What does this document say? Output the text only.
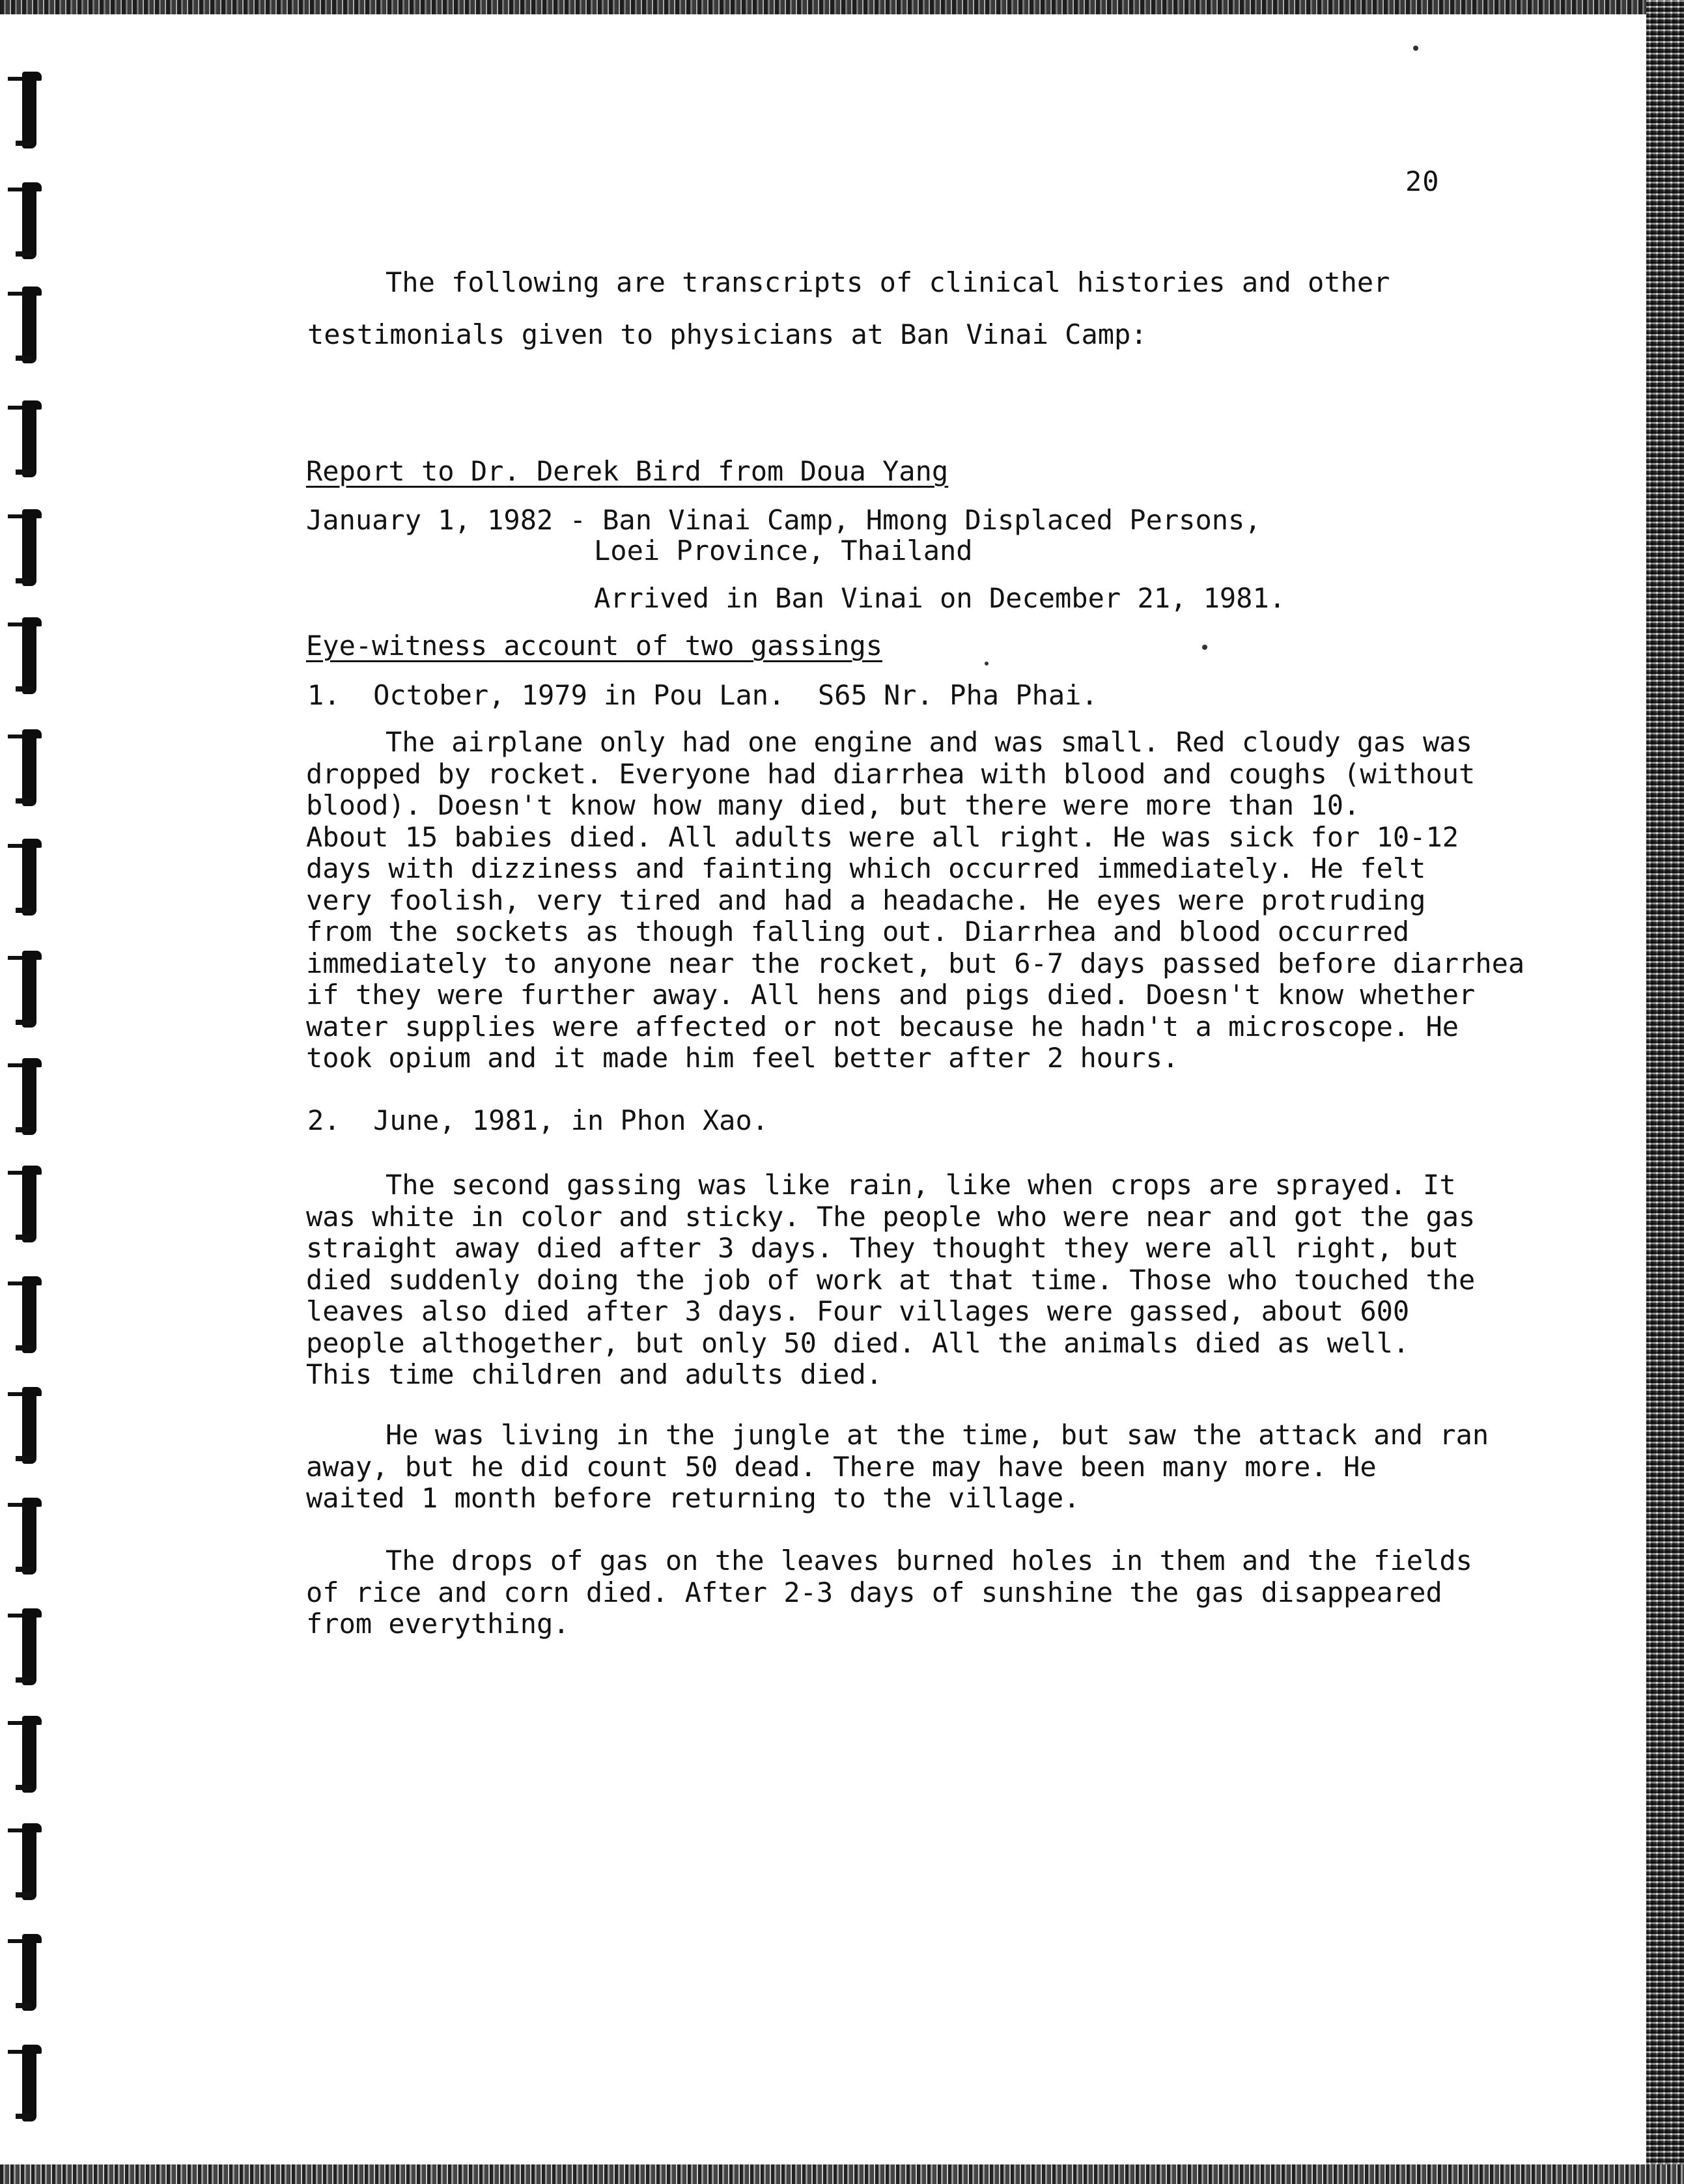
20
The following are transcripts of clinical histories and other
testimonials given to physicians at Ban Vinai Camp:
Report to Dr. Derek Bird from Doua Yang
January 1, 1982 - Ban Vinai Camp, Hmong Displaced Persons,
Loei Province, Thailand
Arrived in Ban Vinai on December 21, 1981.
Eye-witness account of two gassings
1.  October, 1979 in Pou Lan.  S65 Nr. Pha Phai.
The airplane only had one engine and was small. Red cloudy gas was
dropped by rocket. Everyone had diarrhea with blood and coughs (without
blood). Doesn't know how many died, but there were more than 10.
About 15 babies died. All adults were all right. He was sick for 10-12
days with dizziness and fainting which occurred immediately. He felt
very foolish, very tired and had a headache. He eyes were protruding
from the sockets as though falling out. Diarrhea and blood occurred
immediately to anyone near the rocket, but 6-7 days passed before diarrhea
if they were further away. All hens and pigs died. Doesn't know whether
water supplies were affected or not because he hadn't a microscope. He
took opium and it made him feel better after 2 hours.
2.  June, 1981, in Phon Xao.
The second gassing was like rain, like when crops are sprayed. It
was white in color and sticky. The people who were near and got the gas
straight away died after 3 days. They thought they were all right, but
died suddenly doing the job of work at that time. Those who touched the
leaves also died after 3 days. Four villages were gassed, about 600
people althogether, but only 50 died. All the animals died as well.
This time children and adults died.
He was living in the jungle at the time, but saw the attack and ran
away, but he did count 50 dead. There may have been many more. He
waited 1 month before returning to the village.
The drops of gas on the leaves burned holes in them and the fields
of rice and corn died. After 2-3 days of sunshine the gas disappeared
from everything.
